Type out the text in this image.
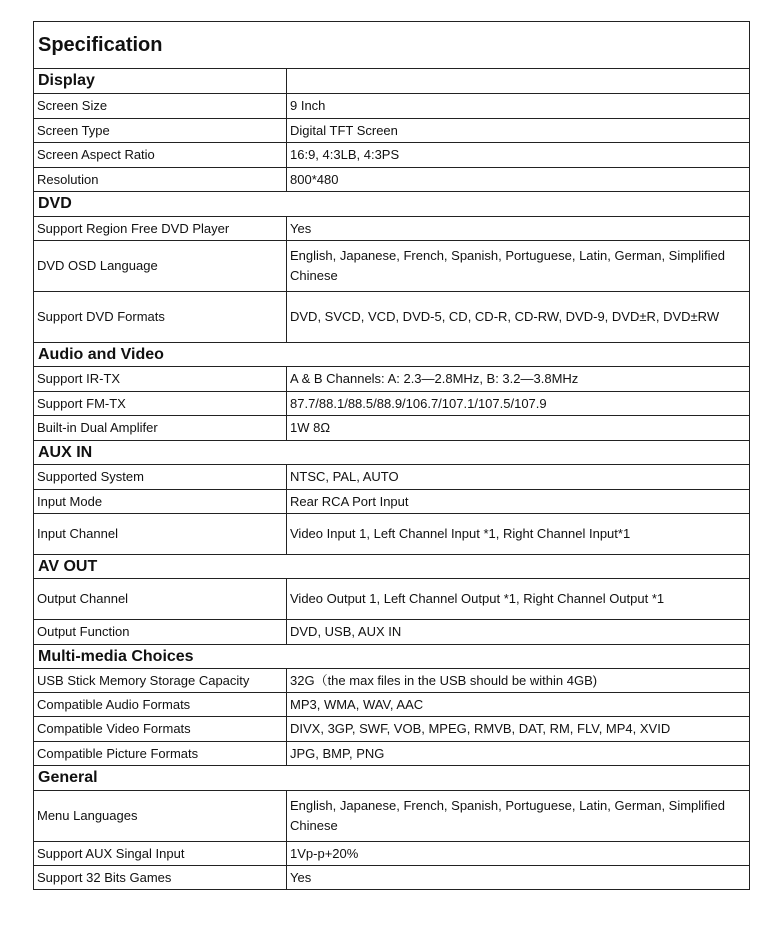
Specification	
Display	
Screen Size	9 Inch
Screen Type	Digital TFT Screen
Screen Aspect Ratio	16:9, 4:3LB, 4:3PS
Resolution	800*480
DVD	
Support Region Free DVD Player	Yes
DVD OSD Language	English, Japanese, French, Spanish, Portuguese, Latin, German, Simplified Chinese
Support DVD Formats	DVD, SVCD, VCD, DVD-5, CD, CD-R, CD-RW, DVD-9, DVD±R, DVD±RW
Audio and Video	
Support IR-TX	A & B Channels: A: 2.3—2.8MHz, B: 3.2—3.8MHz
Support FM-TX	87.7/88.1/88.5/88.9/106.7/107.1/107.5/107.9
Built-in Dual Amplifer	1W 8Ω
AUX IN	
Supported System	NTSC, PAL, AUTO
Input Mode	Rear RCA Port Input
Input Channel	Video Input 1, Left Channel Input *1, Right Channel Input*1
AV OUT	
Output Channel	Video Output 1, Left Channel Output *1, Right Channel Output *1
Output Function	DVD, USB, AUX IN
Multi-media Choices	
USB Stick Memory Storage Capacity	32G（the max files in the USB should be within 4GB)
Compatible Audio Formats	MP3, WMA, WAV, AAC
Compatible Video Formats	DIVX, 3GP, SWF, VOB, MPEG, RMVB, DAT, RM, FLV, MP4, XVID
Compatible Picture Formats	JPG, BMP, PNG
General	
Menu Languages	English, Japanese, French, Spanish, Portuguese, Latin, German, Simplified Chinese
Support AUX Singal Input	1Vp-p+20%
Support 32 Bits Games	Yes
